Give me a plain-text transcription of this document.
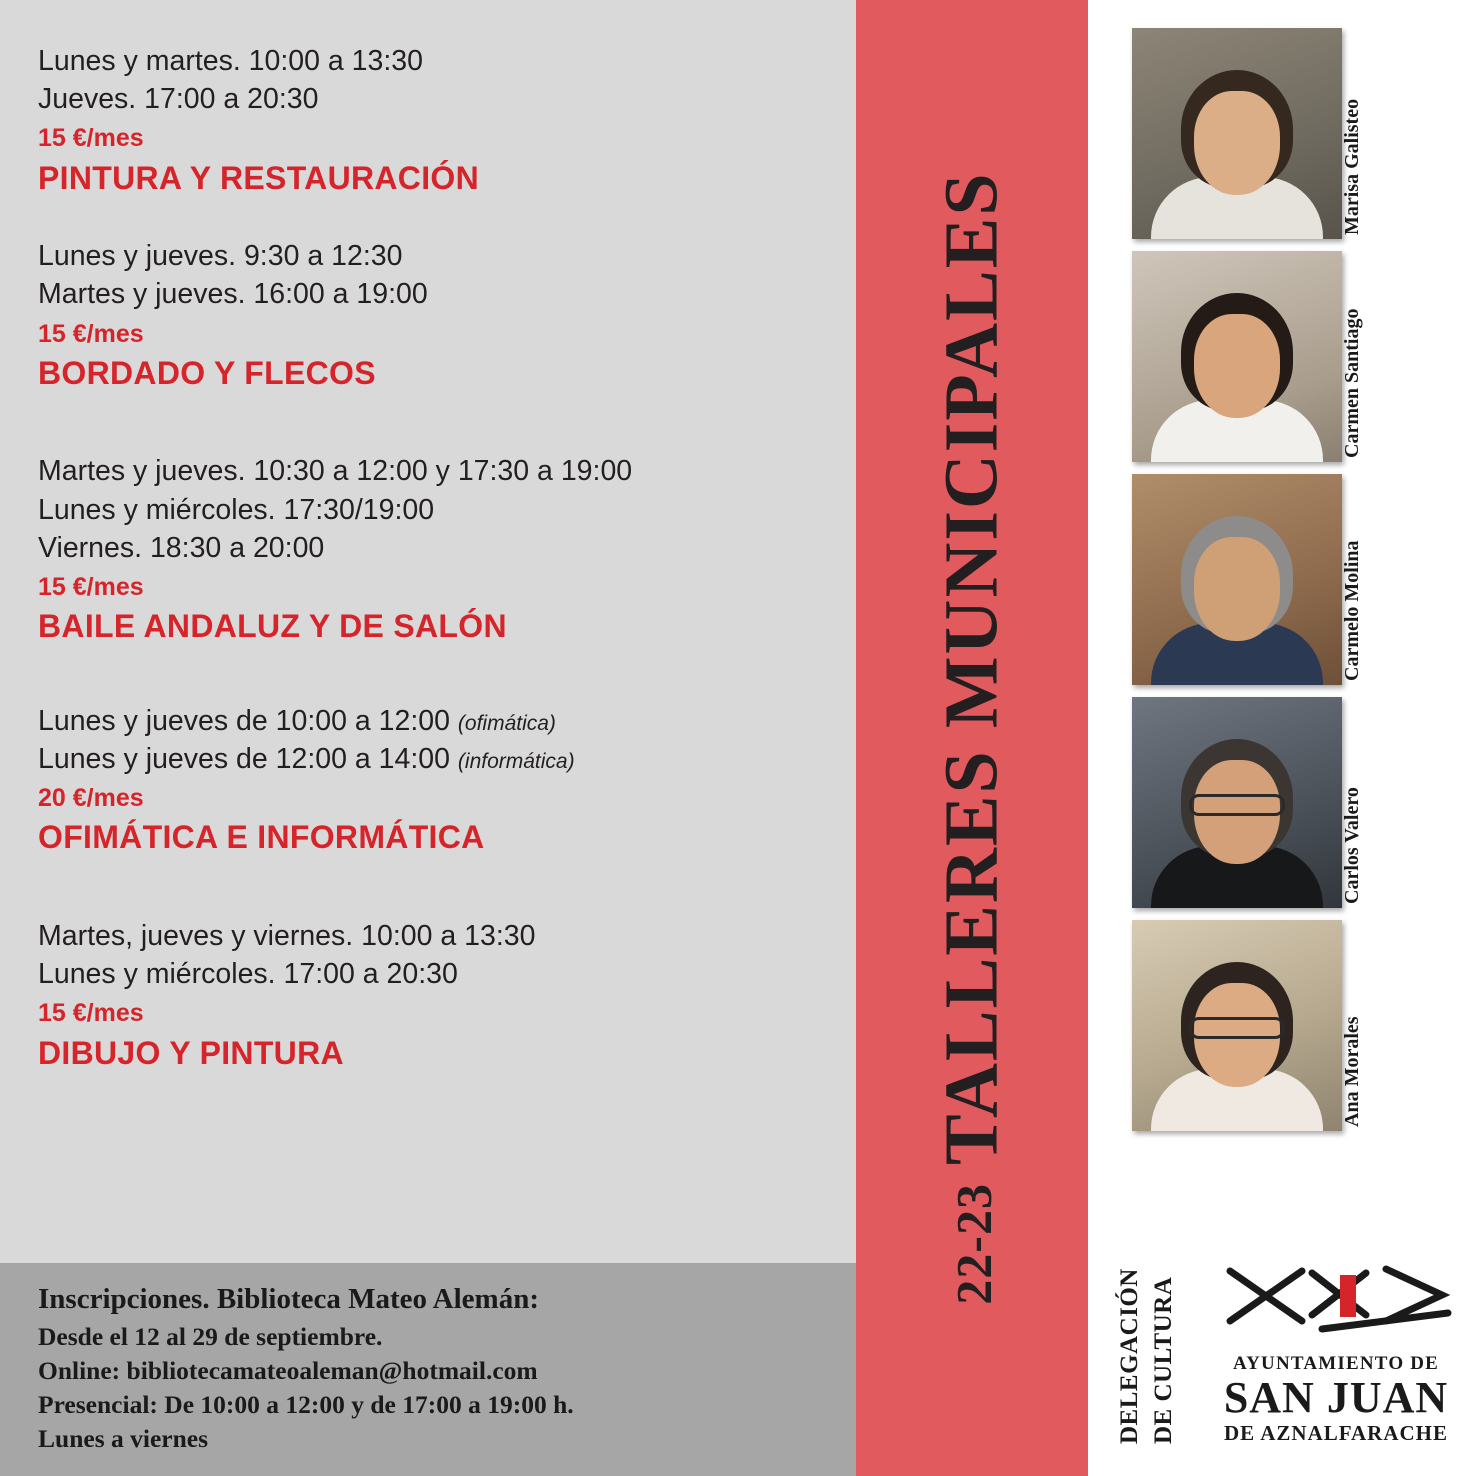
Lunes y martes. 10:00 a 13:30
Jueves. 17:00 a 20:30
15 €/mes
PINTURA Y RESTAURACIÓN
Lunes y jueves. 9:30 a 12:30
Martes y jueves. 16:00 a 19:00
15 €/mes
BORDADO Y FLECOS
Martes y jueves. 10:30 a 12:00 y 17:30 a 19:00
Lunes y miércoles. 17:30/19:00
Viernes. 18:30 a 20:00
15 €/mes
BAILE ANDALUZ Y DE SALÓN
Lunes y jueves de 10:00 a 12:00 (ofimática)
Lunes y jueves de 12:00 a 14:00 (informática)
20 €/mes
OFIMÁTICA E INFORMÁTICA
Martes, jueves y viernes. 10:00 a 13:30
Lunes y miércoles. 17:00 a 20:30
15 €/mes
DIBUJO Y PINTURA
Inscripciones. Biblioteca Mateo Alemán:
Desde el 12 al 29 de septiembre.
Online: bibliotecamateoaleman@hotmail.com
Presencial: De 10:00 a 12:00 y de 17:00 a 19:00 h.
Lunes a viernes
22-23TALLERES MUNICIPALES
Marisa Galisteo
Carmen Santiago
Carmelo Molina
Carlos Valero
Ana Morales
DELEGACIÓN DE CULTURA	AYUNTAMIENTO DE
SAN JUAN
DE AZNALFARACHE
